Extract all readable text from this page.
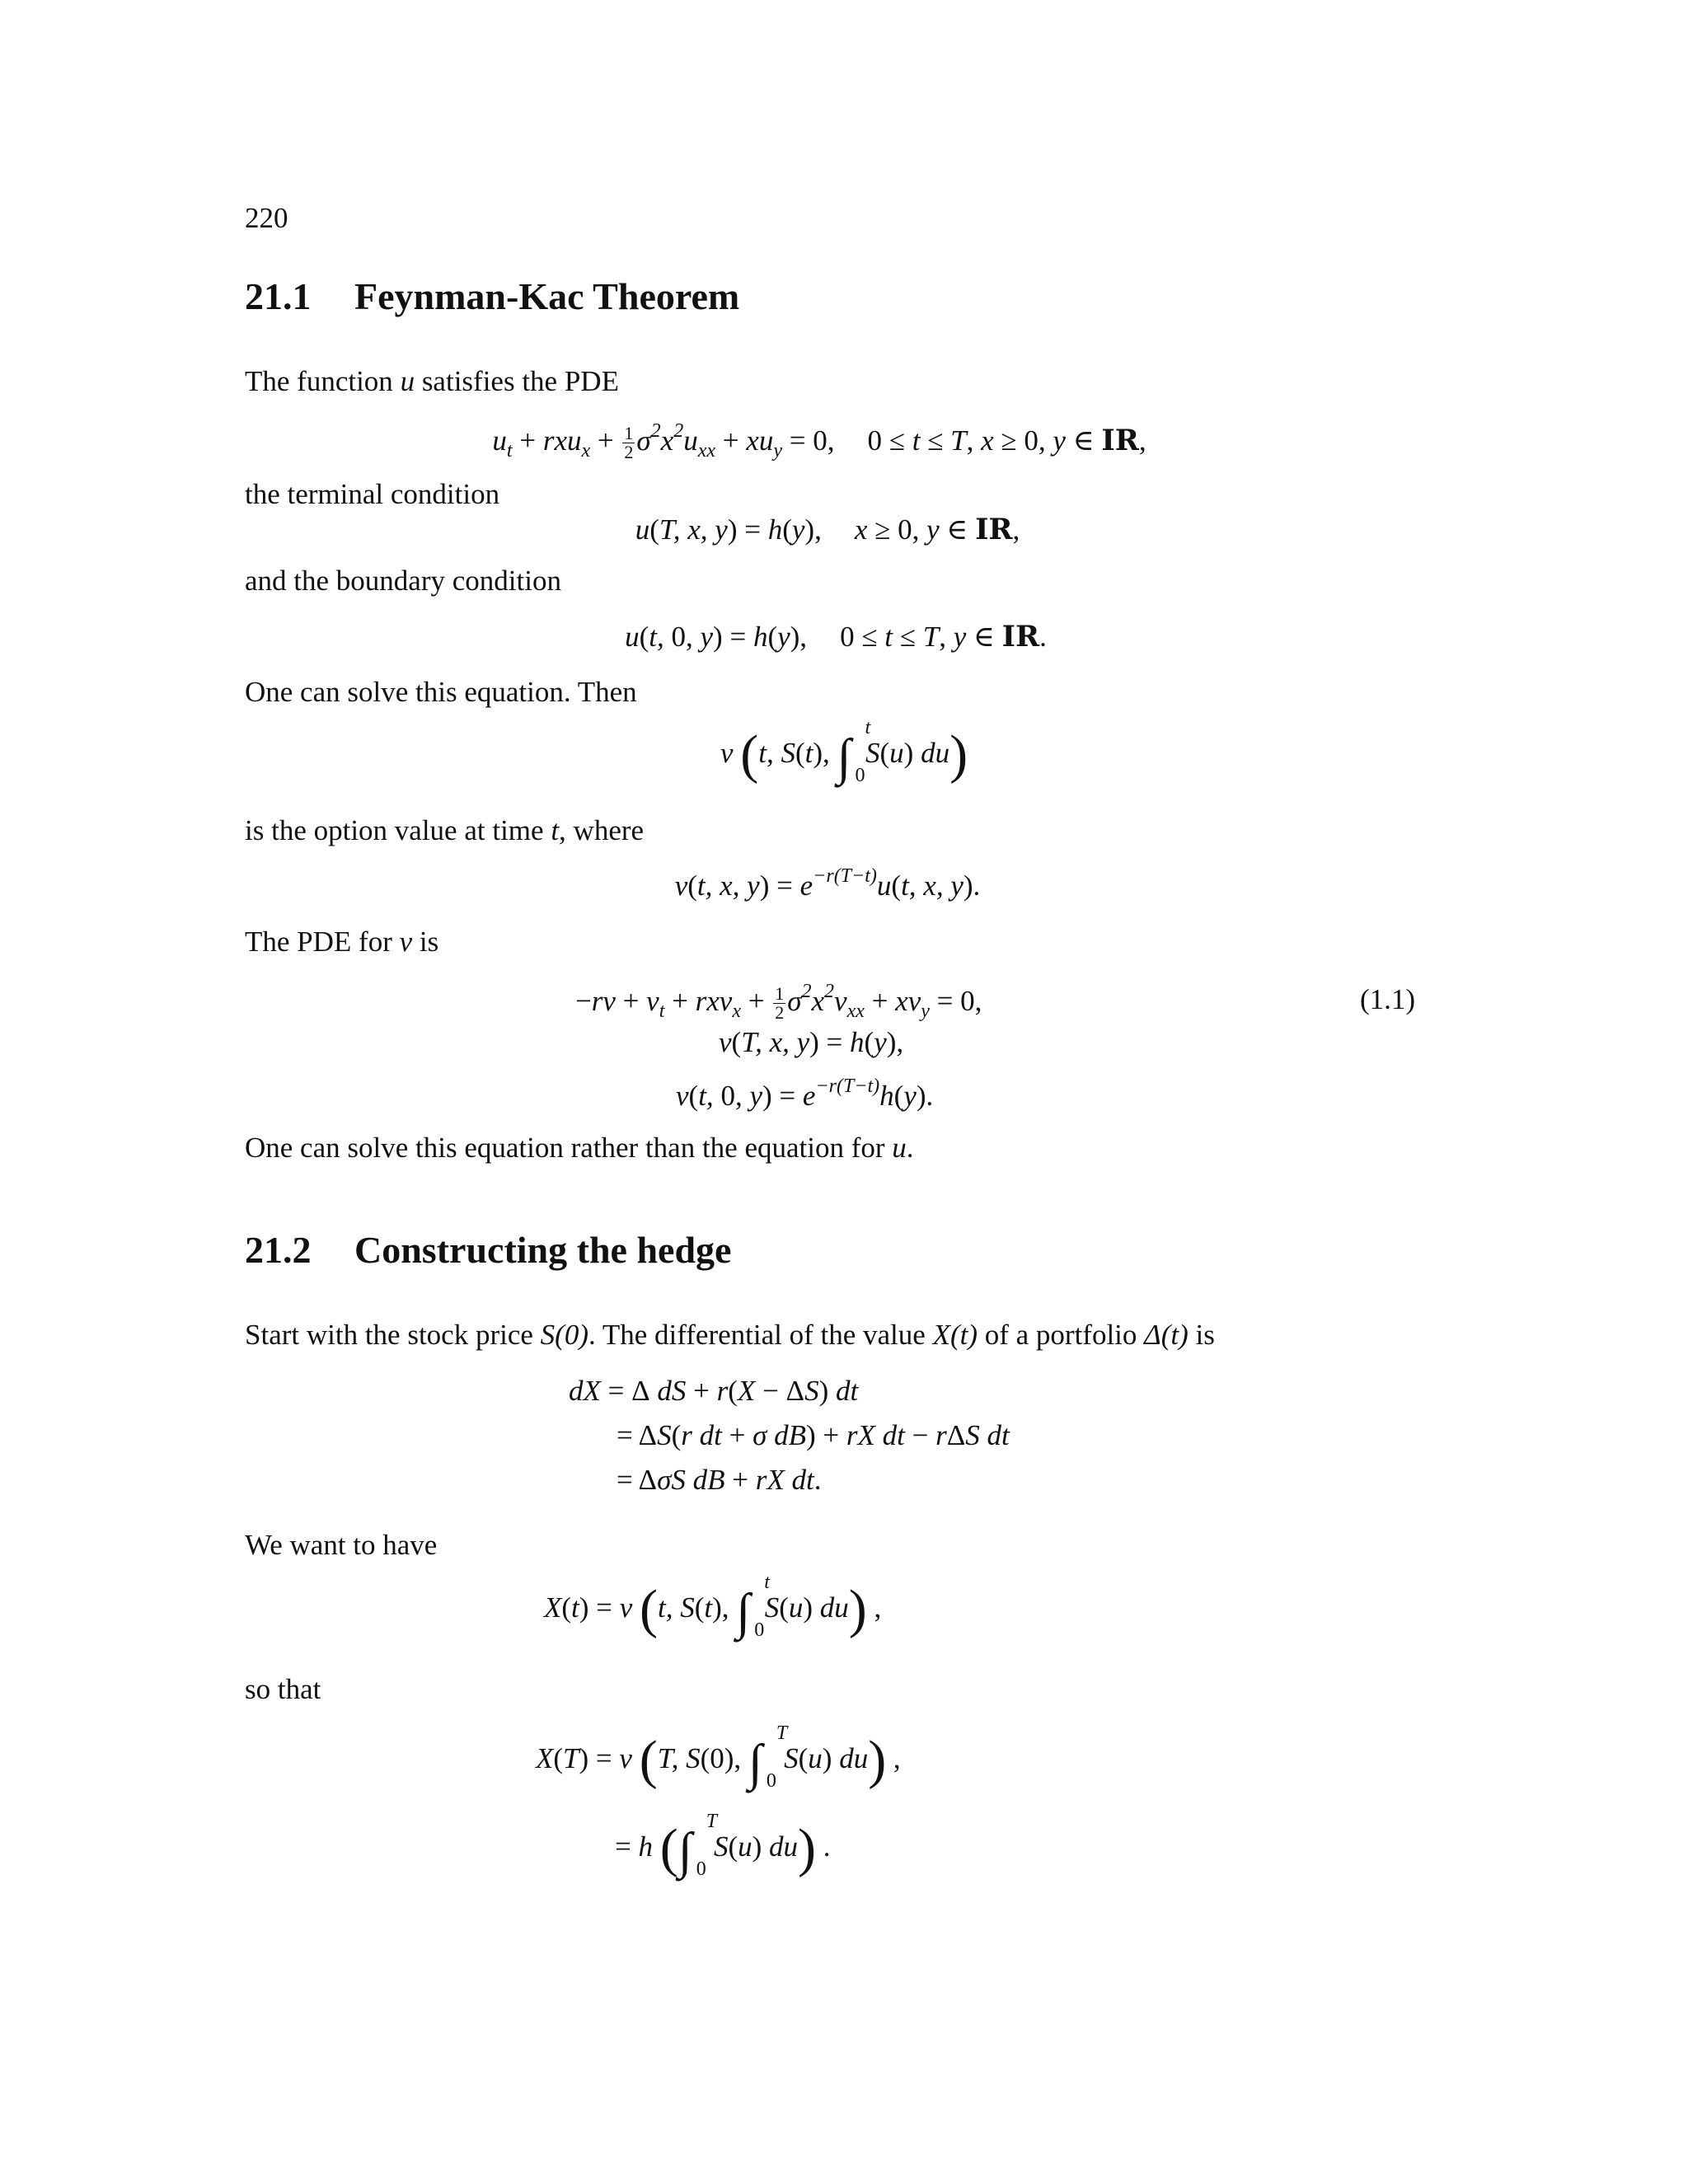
220
21.1 Feynman-Kac Theorem
The function u satisfies the PDE
$u_t + rxu_x + \frac{1}{2} \sigma^2x^2u_{xx} + xu_y = 0$, 0 ≤ t ≤ T, x ≥ 0, y ∈ IR,
the terminal condition
u(T, x, y) = h(y), x ≥ 0, y ∈ IR,
and the boundary condition
u(t, 0, y) = h(y), 0 ≤ t ≤ T, y ∈ IR.
One can solve this equation. Then
v (t, S(t), ∫ 0
t
S(u) du)
is the option value at time t, where
v(t, x, $y) = e^{-r(T-t)}u(t$, x, y).
The PDE for v is
$-rv + v_t + rxv_x + \frac{1}{2} \sigma^2x^2v_{xx} + xv_y = 0$,	(1.1)
v(T, x, y) = h(y),
v(t, 0, $y) = e^{-r(T-t)}h(y)$.
One can solve this equation rather than the equation for u.
21.2 Constructing the hedge
Start with the stock price S(0). The differential of the value X(t) of a portfolio Δ(t) is
dX = Δ dS + r(X − ΔS) dt
= ΔS(r dt + σ dB) + rX dt − rΔS dt
= ΔσS dB + rX dt.
We want to have
X(t) = v (t, S(t), ∫ 0
t
S(u) du) ,
so that
X(T) = v (T, S(0), ∫ 0
T
S(u) du) ,
= h (∫ 0
T
S(u) du) .
